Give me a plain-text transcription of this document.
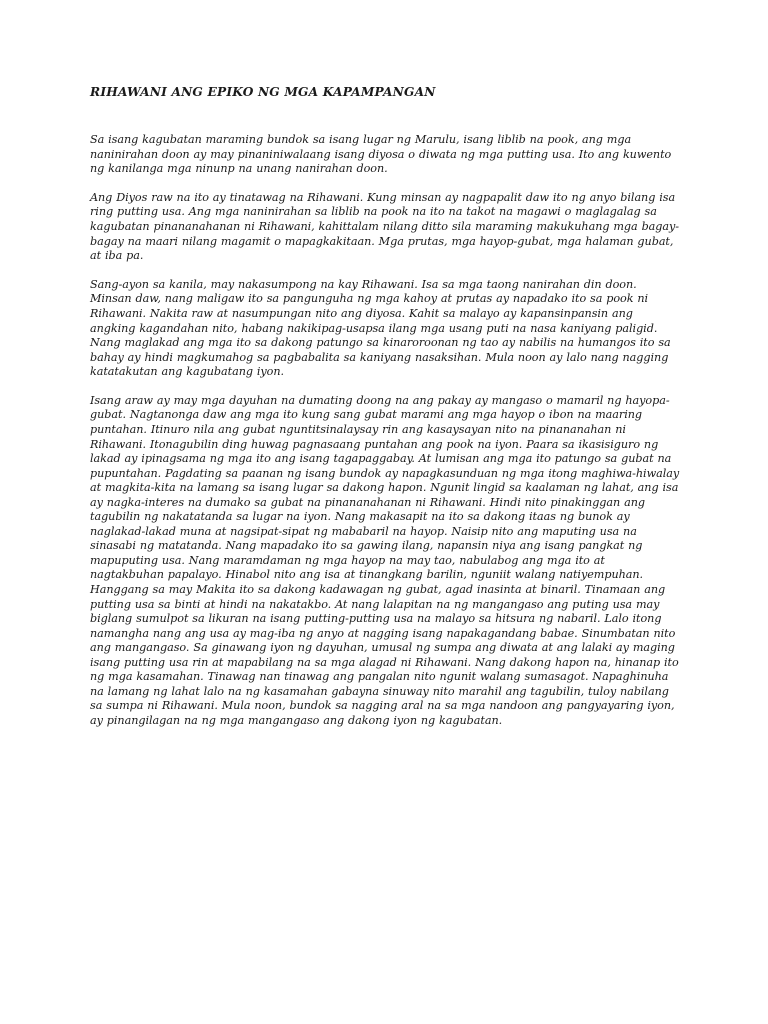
RIHAWANI ANG EPIKO NG MGA KAPAMPANGAN

Sa isang kagubatan maraming bundok sa isang lugar ng Marulu, isang liblib na pook, ang mga naninirahan doon ay may pinaniniwalaang isang diyosa o diwata ng mga putting usa. Ito ang kuwento ng kanilanga mga ninunp na unang nanirahan doon.

Ang Diyos raw na ito ay tinatawag na Rihawani. Kung minsan ay nagpapalit daw ito ng anyo bilang isa ring putting usa. Ang mga naninirahan sa liblib na pook na ito na takot na magawi o maglagalag sa kagubatan pinananahanan ni Rihawani, kahittalam nilang ditto sila maraming makukuhang mga bagay-bagay na maari nilang magamit o mapagkakitaan. Mga prutas, mga hayop-gubat, mga halaman gubat, at iba pa.

Sang-ayon sa kanila, may nakasumpong na kay Rihawani. Isa sa mga taong nanirahan din doon. Minsan daw, nang maligaw ito sa pangunguha ng mga kahoy at prutas ay napadako ito sa pook ni Rihawani. Nakita raw at nasumpungan nito ang diyosa. Kahit sa malayo ay kapansinpansin ang angking kagandahan nito, habang nakikipag-usapsa ilang mga usang puti na nasa kaniyang paligid. Nang maglakad ang mga ito sa dakong patungo sa kinaroroonan ng tao ay nabilis na humangos ito sa bahay ay hindi magkumahog sa pagbabalita sa kaniyang nasaksihan. Mula noon ay lalo nang nagging katatakutan ang kagubatang iyon.

Isang araw ay may mga dayuhan na dumating doong na ang pakay ay mangaso o mamaril ng hayopa-gubat. Nagtanonga daw ang mga ito kung sang gubat marami ang mga hayop o ibon na maaring puntahan. Itinuro nila ang gubat nguntitsinalaysay rin ang kasaysayan nito na pinananahan ni Rihawani. Itonagubilin ding huwag pagnasaang puntahan ang pook na iyon. Paara sa ikasisiguro ng lakad ay ipinagsama ng mga ito ang isang tagapaggabay. At lumisan ang mga ito patungo sa gubat na pupuntahan. Pagdating sa paanan ng isang bundok ay napagkasunduan ng mga itong maghiwa-hiwalay at magkita-kita na lamang sa isang lugar sa dakong hapon. Ngunit lingid sa kaalaman ng lahat, ang isa ay nagka-interes na dumako sa gubat na pinananahanan ni Rihawani. Hindi nito pinakinggan ang tagubilin ng nakatatanda sa lugar na iyon. Nang makasapit na ito sa dakong itaas ng bunok ay naglakad-lakad muna at nagsipat-sipat ng mababaril na hayop. Naisip nito ang maputing usa na sinasabi ng matatanda. Nang mapadako ito sa gawing ilang, napansin niya ang isang pangkat ng mapuputing usa. Nang maramdaman ng mga hayop na may tao, nabulabog ang mga ito at nagtakbuhan papalayo. Hinabol nito ang isa at tinangkang barilin, nguniit walang natiyempuhan. Hanggang sa may Makita ito sa dakong kadawagan ng gubat, agad inasinta at binaril. Tinamaan ang putting usa sa binti at hindi na nakatakbo. At nang lalapitan na ng mangangaso ang puting usa may biglang sumulpot sa likuran na isang putting-putting usa na malayo sa hitsura ng nabaril. Lalo itong namangha nang ang usa ay mag-iba ng anyo at nagging isang napakagandang babae. Sinumbatan nito ang mangangaso. Sa ginawang iyon ng dayuhan, umusal ng sumpa ang diwata at ang lalaki ay maging isang putting usa rin at mapabilang na sa mga alagad ni Rihawani. Nang dakong hapon na, hinanap ito ng mga kasamahan. Tinawag nan tinawag ang pangalan nito ngunit walang sumasagot. Napaghinuha na lamang ng lahat lalo na ng kasamahan gabayna sinuway nito marahil ang tagubilin, tuloy nabilang sa sumpa ni Rihawani. Mula noon, bundok sa nagging aral na sa mga nandoon ang pangyayaring iyon, ay pinangilagan na ng mga mangangaso ang dakong iyon ng kagubatan.
